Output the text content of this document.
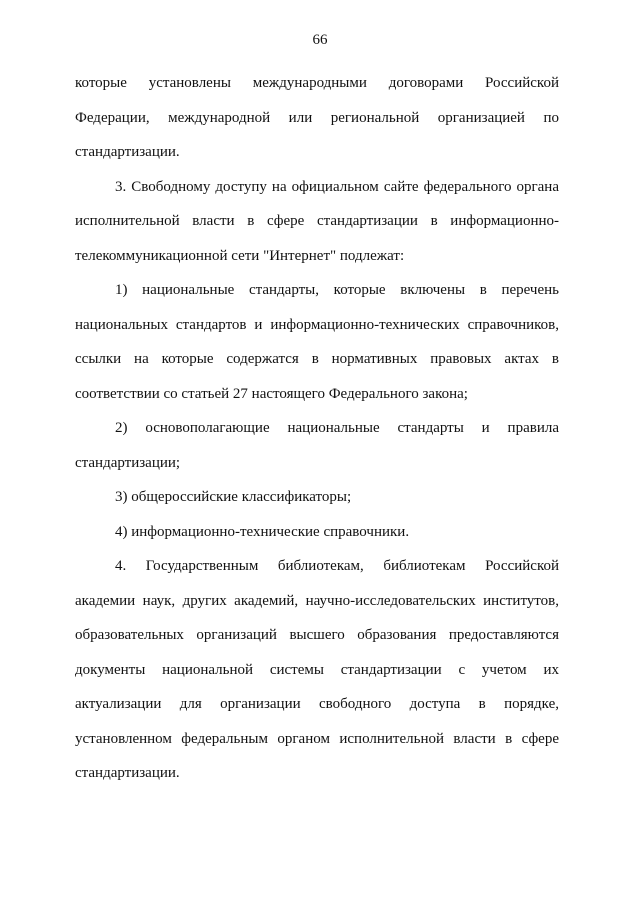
66
которые установлены международными договорами Российской
Федерации, международной или региональной организацией по
стандартизации.
3. Свободному доступу на официальном сайте федерального органа
исполнительной власти в сфере стандартизации в информационно-
телекоммуникационной сети "Интернет" подлежат:
1) национальные стандарты, которые включены в перечень
национальных стандартов и информационно-технических справочников,
ссылки на которые содержатся в нормативных правовых актах в
соответствии со статьей 27 настоящего Федерального закона;
2) основополагающие национальные стандарты и правила
стандартизации;
3) общероссийские классификаторы;
4) информационно-технические справочники.
4. Государственным библиотекам, библиотекам Российской
академии наук, других академий, научно-исследовательских институтов,
образовательных организаций высшего образования предоставляются
документы национальной системы стандартизации с учетом их
актуализации для организации свободного доступа в порядке,
установленном федеральным органом исполнительной власти в сфере
стандартизации.
